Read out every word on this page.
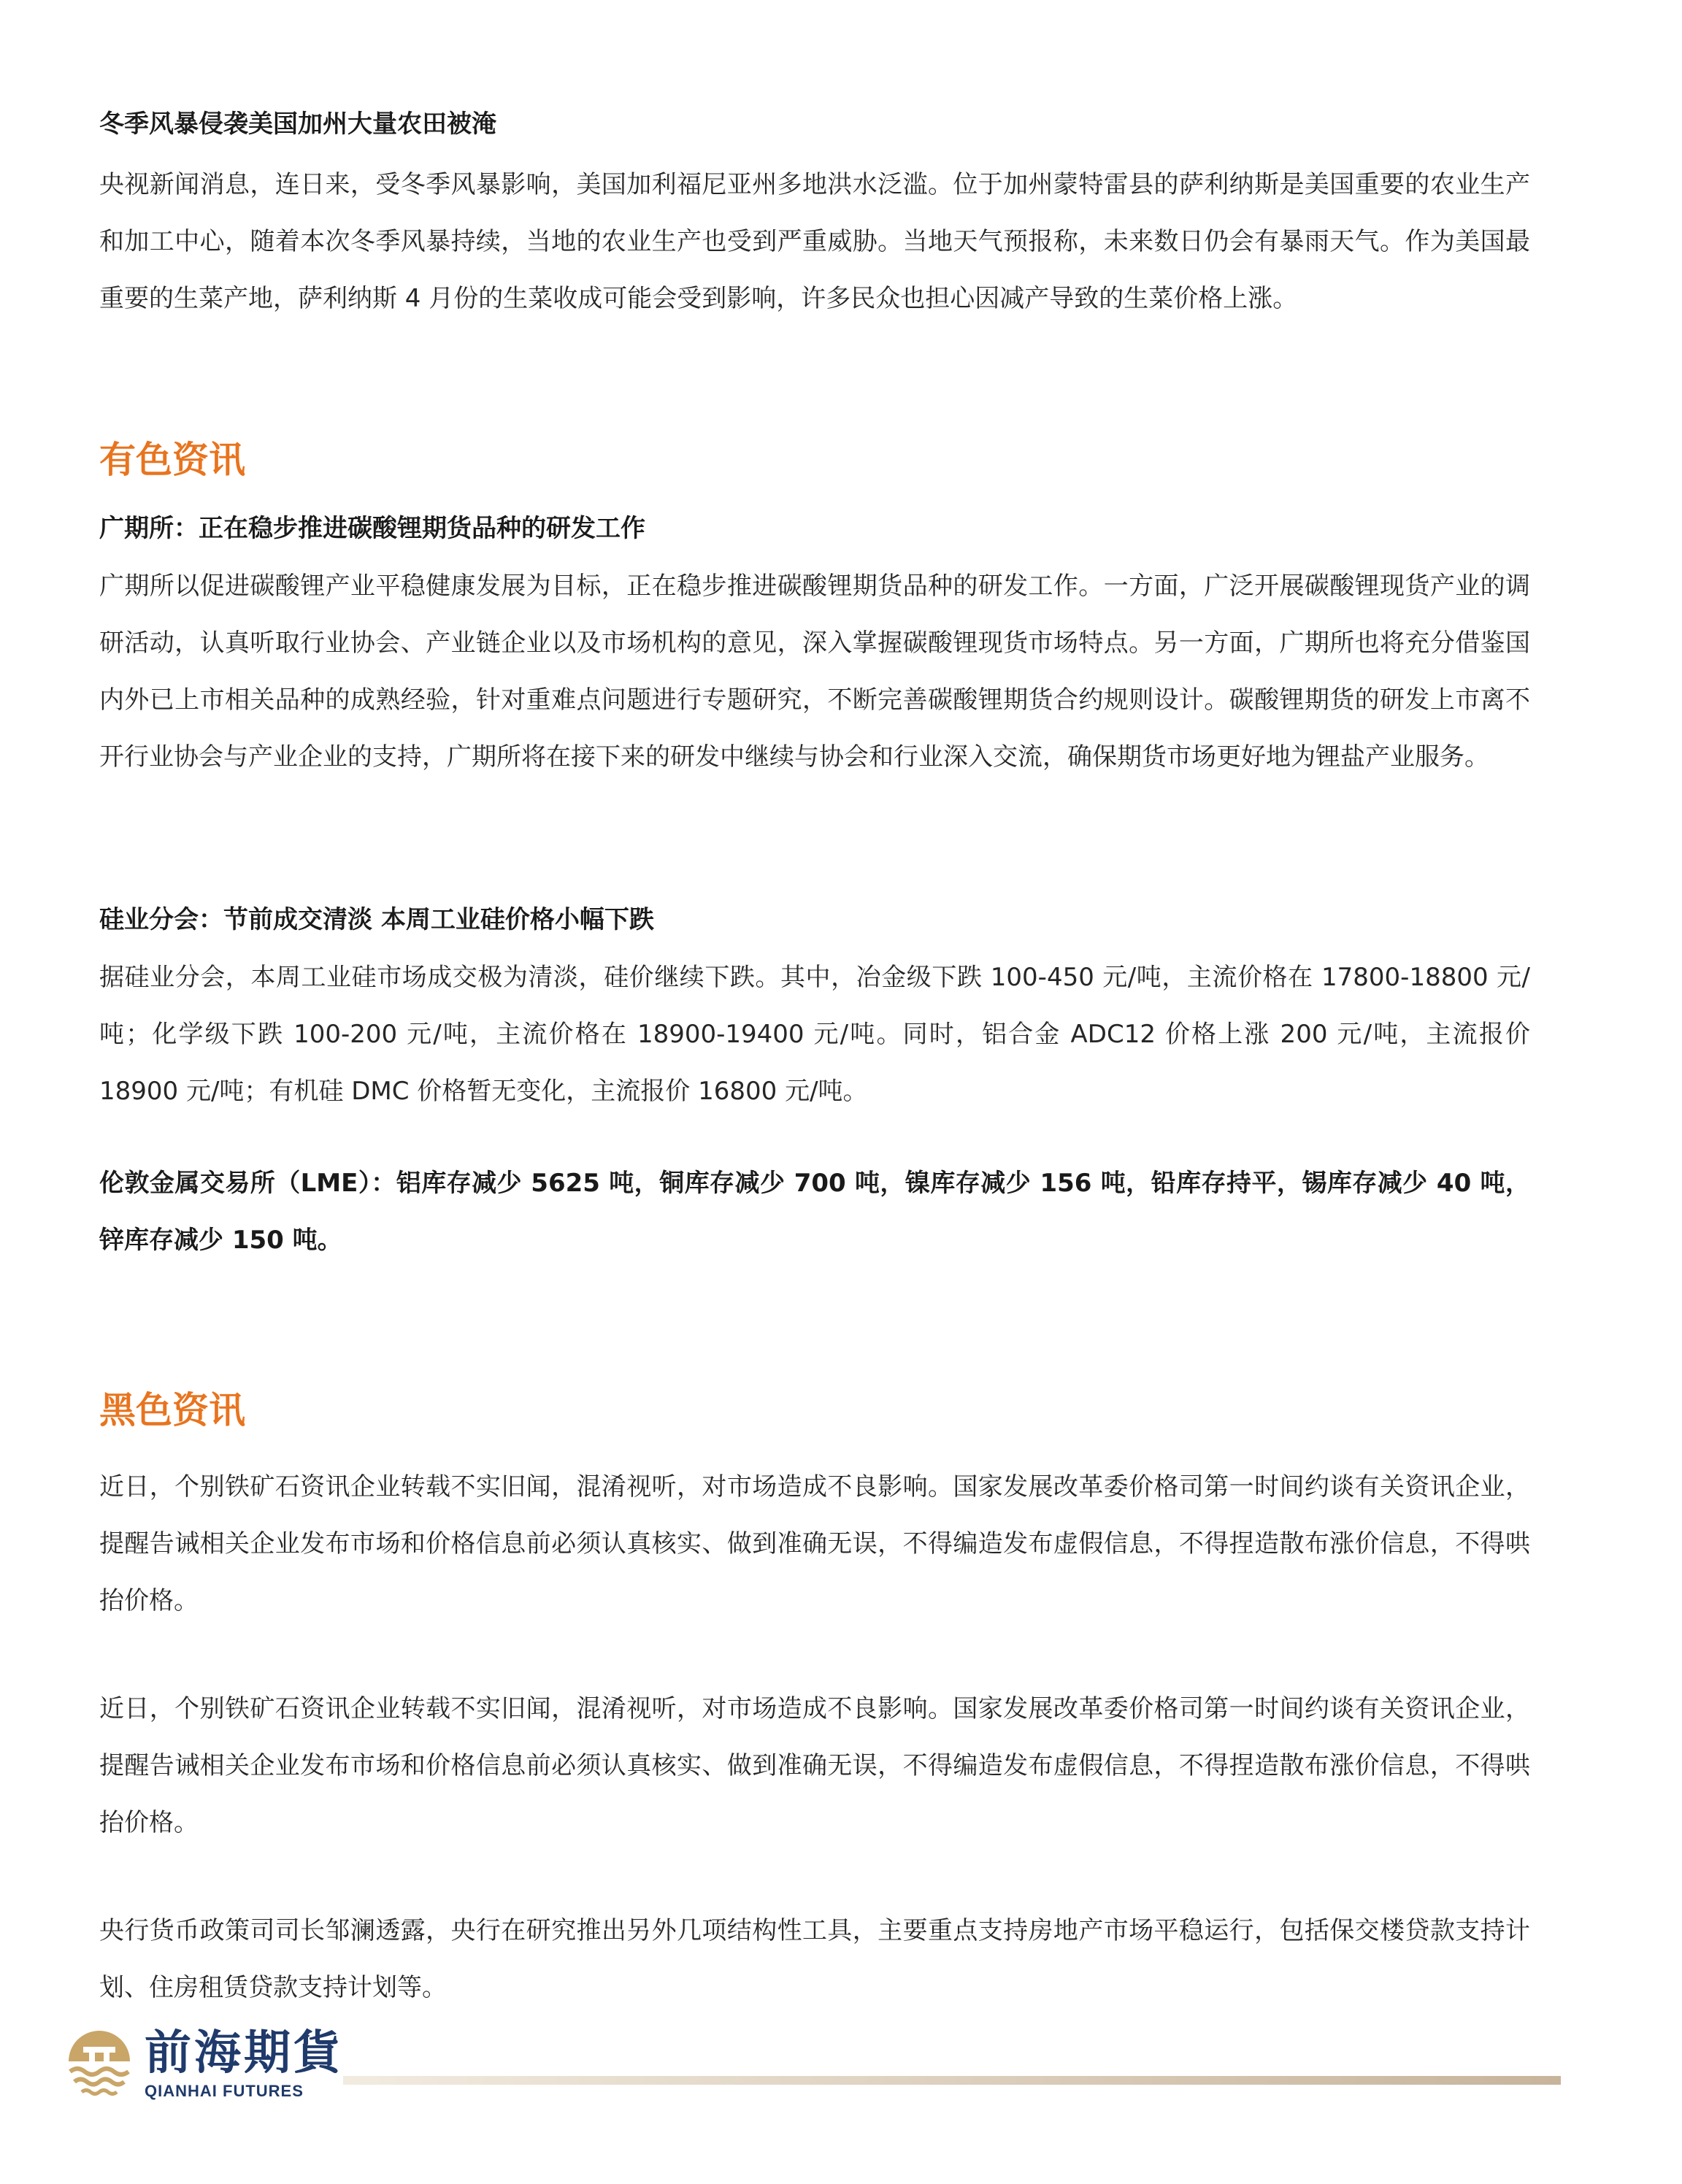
冬季风暴侵袭美国加州大量农田被淹

央视新闻消息，连日来，受冬季风暴影响，美国加利福尼亚州多地洪水泛滥。位于加州蒙特雷县的萨利纳斯是美国重要的农业生产和加工中心，随着本次冬季风暴持续，当地的农业生产也受到严重威胁。当地天气预报称，未来数日仍会有暴雨天气。作为美国最重要的生菜产地，萨利纳斯 4 月份的生菜收成可能会受到影响，许多民众也担心因减产导致的生菜价格上涨。

有色资讯

广期所：正在稳步推进碳酸锂期货品种的研发工作

广期所以促进碳酸锂产业平稳健康发展为目标，正在稳步推进碳酸锂期货品种的研发工作。一方面，广泛开展碳酸锂现货产业的调研活动，认真听取行业协会、产业链企业以及市场机构的意见，深入掌握碳酸锂现货市场特点。另一方面，广期所也将充分借鉴国内外已上市相关品种的成熟经验，针对重难点问题进行专题研究，不断完善碳酸锂期货合约规则设计。碳酸锂期货的研发上市离不开行业协会与产业企业的支持，广期所将在接下来的研发中继续与协会和行业深入交流，确保期货市场更好地为锂盐产业服务。

硅业分会：节前成交清淡 本周工业硅价格小幅下跌

据硅业分会，本周工业硅市场成交极为清淡，硅价继续下跌。其中，冶金级下跌 100-450 元/吨，主流价格在 17800-18800 元/吨；化学级下跌 100-200 元/吨，主流价格在 18900-19400 元/吨。同时，铝合金 ADC12 价格上涨 200 元/吨，主流报价 18900 元/吨；有机硅 DMC 价格暂无变化，主流报价 16800 元/吨。

伦敦金属交易所（LME）：铝库存减少 5625 吨，铜库存减少 700 吨，镍库存减少 156 吨，铅库存持平，锡库存减少 40 吨，锌库存减少 150 吨。

黑色资讯

近日，个别铁矿石资讯企业转载不实旧闻，混淆视听，对市场造成不良影响。国家发展改革委价格司第一时间约谈有关资讯企业，提醒告诫相关企业发布市场和价格信息前必须认真核实、做到准确无误，不得编造发布虚假信息，不得捏造散布涨价信息，不得哄抬价格。

近日，个别铁矿石资讯企业转载不实旧闻，混淆视听，对市场造成不良影响。国家发展改革委价格司第一时间约谈有关资讯企业，提醒告诫相关企业发布市场和价格信息前必须认真核实、做到准确无误，不得编造发布虚假信息，不得捏造散布涨价信息，不得哄抬价格。

央行货币政策司司长邹澜透露，央行在研究推出另外几项结构性工具，主要重点支持房地产市场平稳运行，包括保交楼贷款支持计划、住房租赁贷款支持计划等。

前海期貨
QIANHAI FUTURES
